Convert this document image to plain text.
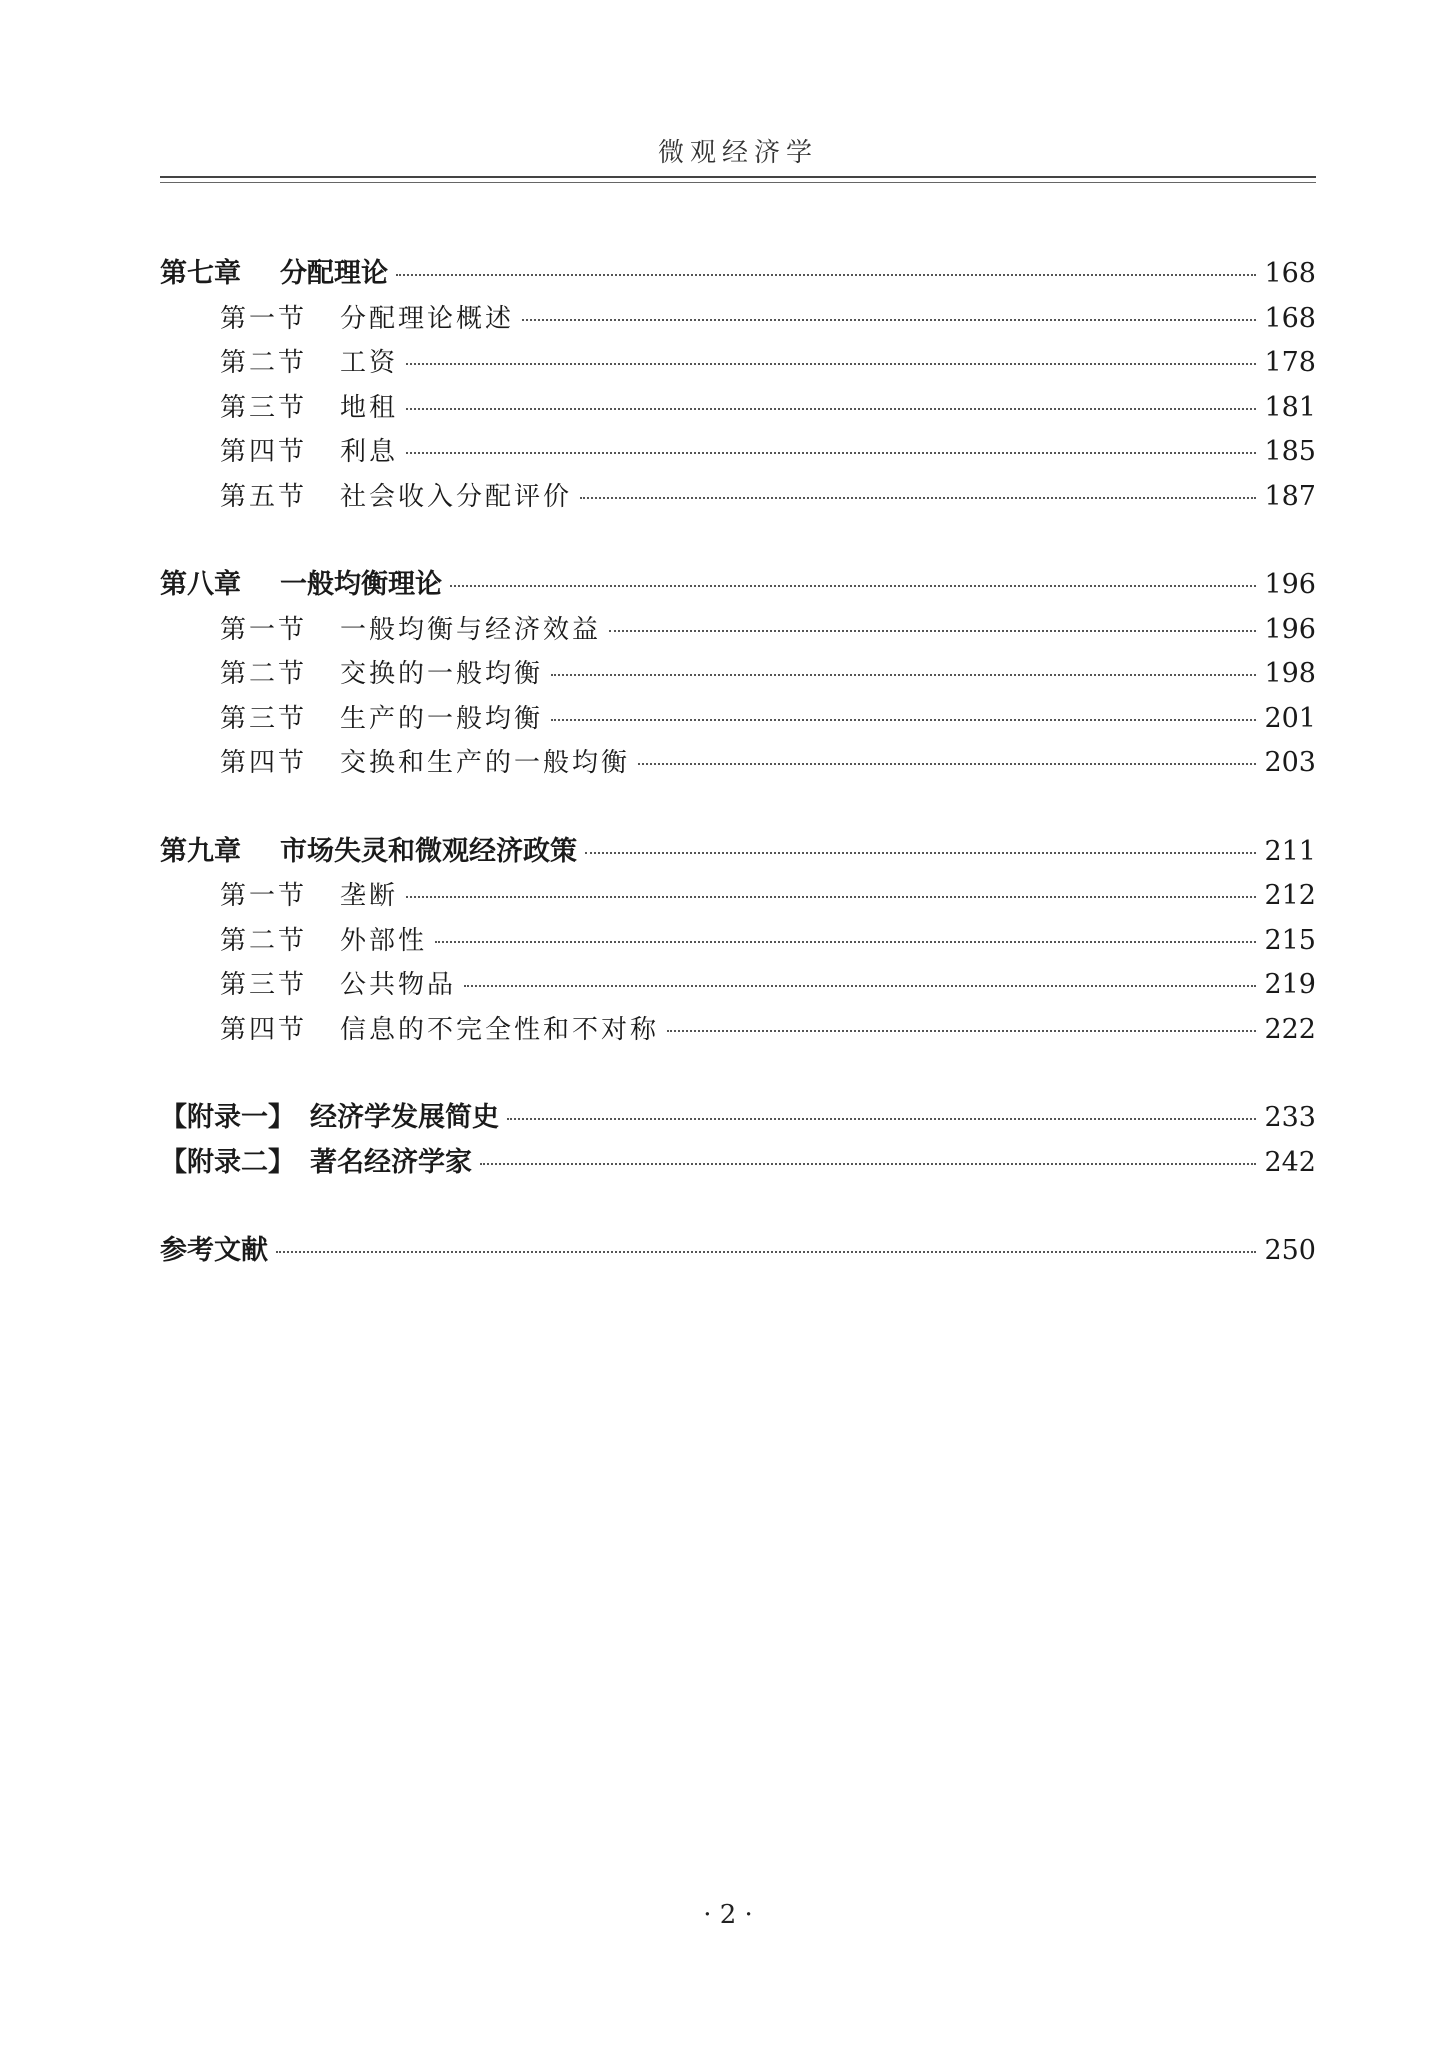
微观经济学
第七章	分配理论	168
第一节	分配理论概述	168
第二节	工资	178
第三节	地租	181
第四节	利息	185
第五节	社会收入分配评价	187
第八章	一般均衡理论	196
第一节	一般均衡与经济效益	196
第二节	交换的一般均衡	198
第三节	生产的一般均衡	201
第四节	交换和生产的一般均衡	203
第九章	市场失灵和微观经济政策	211
第一节	垄断	212
第二节	外部性	215
第三节	公共物品	219
第四节	信息的不完全性和不对称	222
【附录一】 经济学发展简史	233
【附录二】 著名经济学家	242
参考文献	250
· 2 ·
